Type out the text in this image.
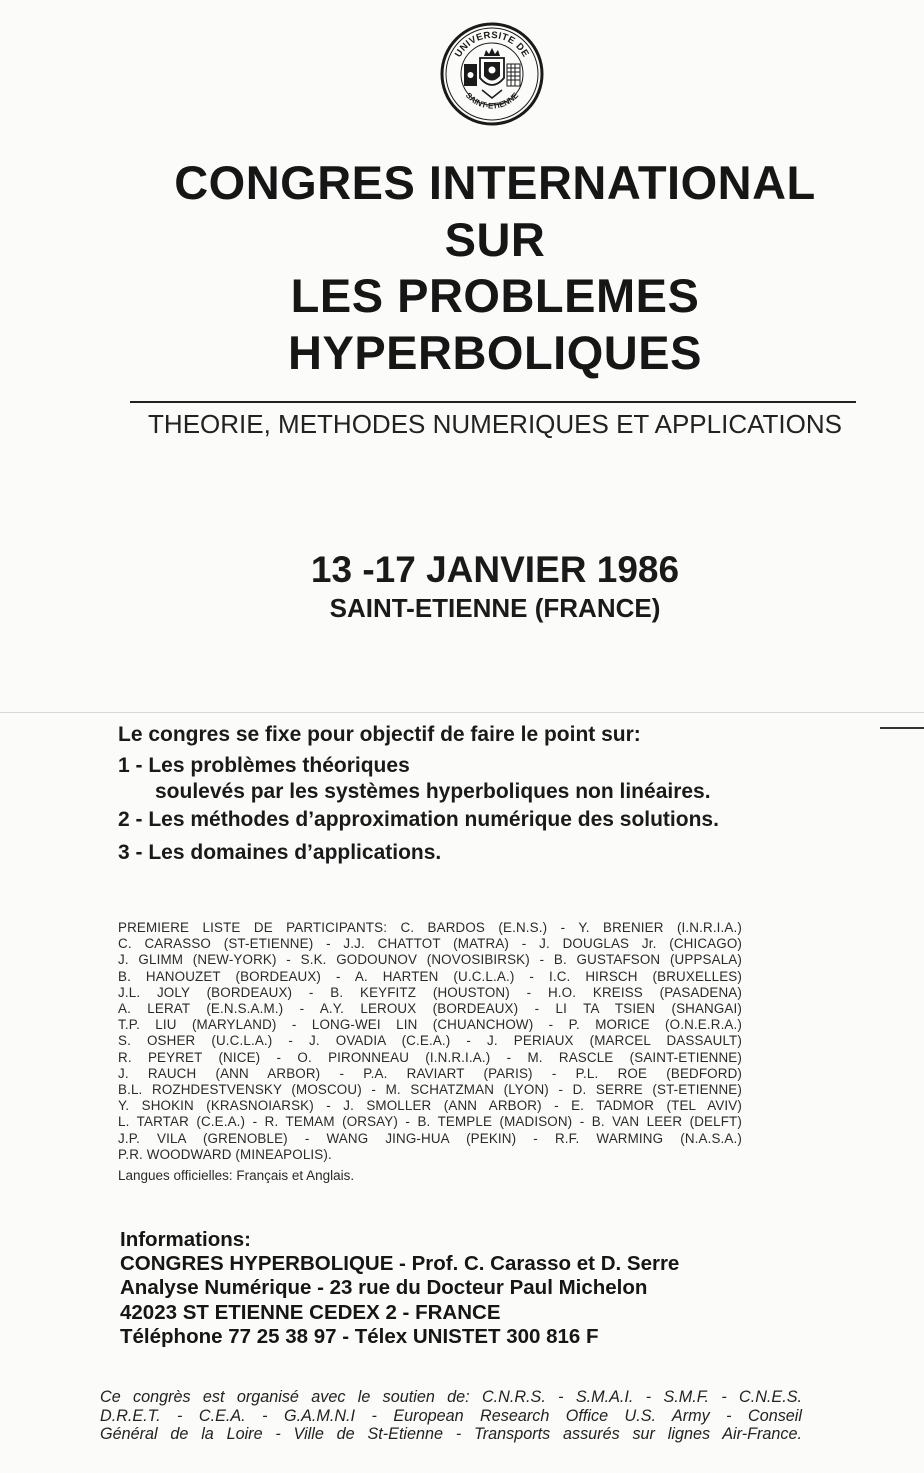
UNIVERSITE DE
SAINT-ETIENNE
CONGRES INTERNATIONAL
SUR
LES PROBLEMES
HYPERBOLIQUES
THEORIE, METHODES NUMERIQUES ET APPLICATIONS
13 -17 JANVIER 1986
SAINT-ETIENNE (FRANCE)
Le congres se fixe pour objectif de faire le point sur:
1 - Les problèmes théoriques
soulevés par les systèmes hyperboliques non linéaires.
2 - Les méthodes d’approximation numérique des solutions.
3 - Les domaines d’applications.
PREMIERE LISTE DE PARTICIPANTS: C. BARDOS (E.N.S.) - Y. BRENIER (I.N.R.I.A.)
C. CARASSO (ST-ETIENNE) - J.J. CHATTOT (MATRA) - J. DOUGLAS Jr. (CHICAGO)
J. GLIMM (NEW-YORK) - S.K. GODOUNOV (NOVOSIBIRSK) - B. GUSTAFSON (UPPSALA)
B. HANOUZET (BORDEAUX) - A. HARTEN (U.C.L.A.) - I.C. HIRSCH (BRUXELLES)
J.L. JOLY (BORDEAUX) - B. KEYFITZ (HOUSTON) - H.O. KREISS (PASADENA)
A. LERAT (E.N.S.A.M.) - A.Y. LEROUX (BORDEAUX) - LI TA TSIEN (SHANGAI)
T.P. LIU (MARYLAND) - LONG-WEI LIN (CHUANCHOW) - P. MORICE (O.N.E.R.A.)
S. OSHER (U.C.L.A.) - J. OVADIA (C.E.A.) - J. PERIAUX (MARCEL DASSAULT)
R. PEYRET (NICE) - O. PIRONNEAU (I.N.R.I.A.) - M. RASCLE (SAINT-ETIENNE)
J. RAUCH (ANN ARBOR) - P.A. RAVIART (PARIS) - P.L. ROE (BEDFORD)
B.L. ROZHDESTVENSKY (MOSCOU) - M. SCHATZMAN (LYON) - D. SERRE (ST-ETIENNE)
Y. SHOKIN (KRASNOIARSK) - J. SMOLLER (ANN ARBOR) - E. TADMOR (TEL AVIV)
L. TARTAR (C.E.A.) - R. TEMAM (ORSAY) - B. TEMPLE (MADISON) - B. VAN LEER (DELFT)
J.P. VILA (GRENOBLE) - WANG JING-HUA (PEKIN) - R.F. WARMING (N.A.S.A.)
P.R. WOODWARD (MINEAPOLIS).
Langues officielles: Français et Anglais.
Informations:
CONGRES HYPERBOLIQUE - Prof. C. Carasso et D. Serre
Analyse Numérique - 23 rue du Docteur Paul Michelon
42023 ST ETIENNE CEDEX 2 - FRANCE
Téléphone 77 25 38 97 - Télex UNISTET 300 816 F
Ce congrès est organisé avec le soutien de: C.N.R.S. - S.M.A.I. - S.M.F. - C.N.E.S.
D.R.E.T. - C.E.A. - G.A.M.N.I - European Research Office U.S. Army - Conseil
Général de la Loire - Ville de St-Etienne - Transports assurés sur lignes Air-France.
